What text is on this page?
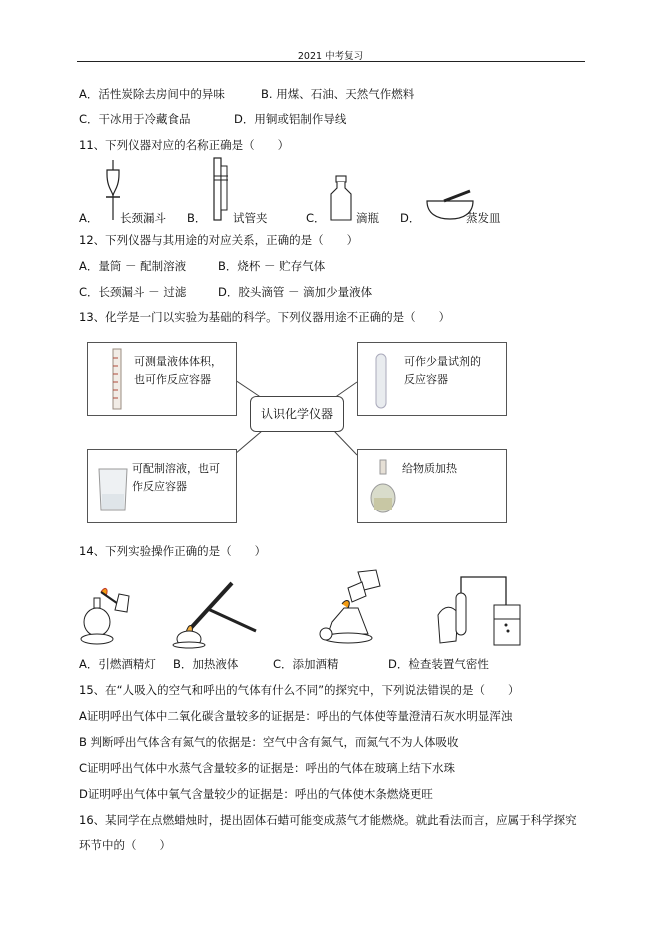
2021 中考复习
A．活性炭除去房间中的异味	B. 用煤、石油、天然气作燃料
C．干冰用于冷藏食品	D．用铜或铝制作导线
11、下列仪器对应的名称正确是（　　）
A． 长颈漏斗 B． 试管夹	C．	滴瓶 D．	蒸发皿
12、下列仪器与其用途的对应关系，正确的是（　　）
A．量筒 － 配制溶液	B．烧杯 － 贮存气体
C．长颈漏斗 － 过滤	D．胶头滴管 － 滴加少量液体
13、化学是一门以实验为基础的科学。下列仪器用途不正确的是（　　）
可测量液体体积，
也可作反应容器
可作少量试剂的
反应容器
认识化学仪器
可配制溶液，也可
作反应容器
给物质加热
14、下列实验操作正确的是（　　）
A．引燃酒精灯 B．加热液体	C．添加酒精	D．检查装置气密性
15、在“人吸入的空气和呼出的气体有什么不同”的探究中，下列说法错误的是（　　）
A证明呼出气体中二氧化碳含量较多的证据是：呼出的气体使等量澄清石灰水明显浑浊
B 判断呼出气体含有氮气的依据是：空气中含有氮气，而氮气不为人体吸收
C证明呼出气体中水蒸气含量较多的证据是：呼出的气体在玻璃上结下水珠
D证明呼出气体中氧气含量较少的证据是：呼出的气体使木条燃烧更旺
16、某同学在点燃蜡烛时，提出固体石蜡可能变成蒸气才能燃烧。就此看法而言，应属于科学探究
环节中的（　　）
